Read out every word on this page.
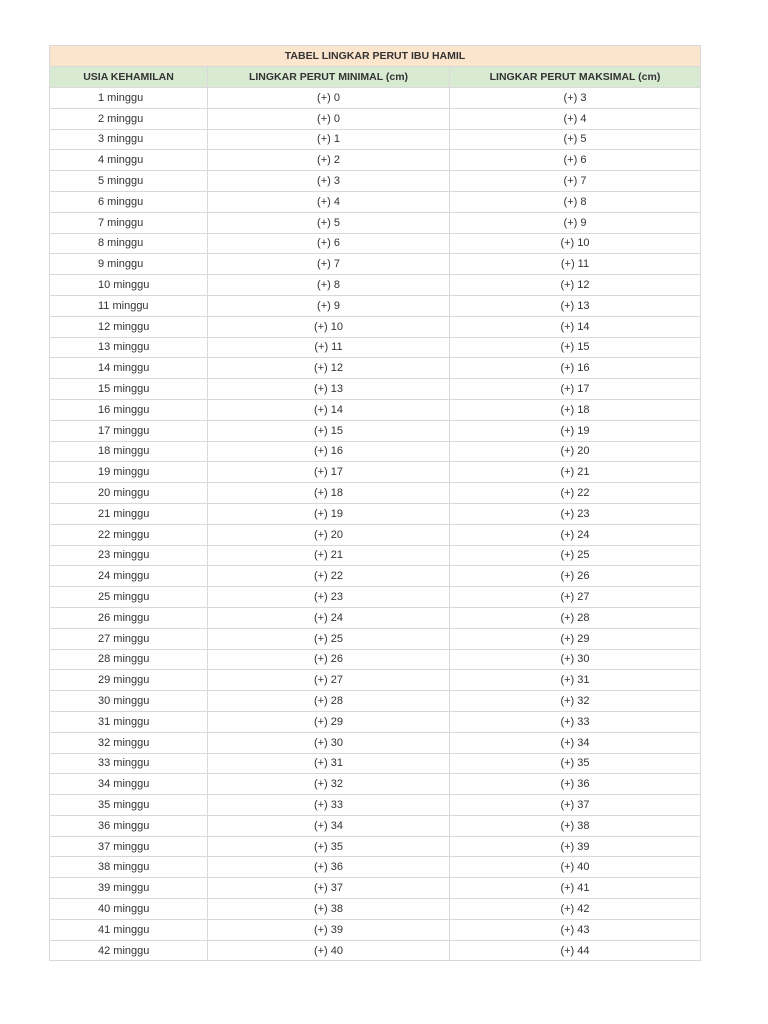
TABEL LINGKAR PERUT IBU HAMIL		
USIA KEHAMILAN	LINGKAR PERUT MINIMAL (cm)	LINGKAR PERUT MAKSIMAL (cm)
1 minggu	(+) 0	(+) 3
2 minggu	(+) 0	(+) 4
3 minggu	(+) 1	(+) 5
4 minggu	(+) 2	(+) 6
5 minggu	(+) 3	(+) 7
6 minggu	(+) 4	(+) 8
7 minggu	(+) 5	(+) 9
8 minggu	(+) 6	(+) 10
9 minggu	(+) 7	(+) 11
10 minggu	(+) 8	(+) 12
11 minggu	(+) 9	(+) 13
12 minggu	(+) 10	(+) 14
13 minggu	(+) 11	(+) 15
14 minggu	(+) 12	(+) 16
15 minggu	(+) 13	(+) 17
16 minggu	(+) 14	(+) 18
17 minggu	(+) 15	(+) 19
18 minggu	(+) 16	(+) 20
19 minggu	(+) 17	(+) 21
20 minggu	(+) 18	(+) 22
21 minggu	(+) 19	(+) 23
22 minggu	(+) 20	(+) 24
23 minggu	(+) 21	(+) 25
24 minggu	(+) 22	(+) 26
25 minggu	(+) 23	(+) 27
26 minggu	(+) 24	(+) 28
27 minggu	(+) 25	(+) 29
28 minggu	(+) 26	(+) 30
29 minggu	(+) 27	(+) 31
30 minggu	(+) 28	(+) 32
31 minggu	(+) 29	(+) 33
32 minggu	(+) 30	(+) 34
33 minggu	(+) 31	(+) 35
34 minggu	(+) 32	(+) 36
35 minggu	(+) 33	(+) 37
36 minggu	(+) 34	(+) 38
37 minggu	(+) 35	(+) 39
38 minggu	(+) 36	(+) 40
39 minggu	(+) 37	(+) 41
40 minggu	(+) 38	(+) 42
41 minggu	(+) 39	(+) 43
42 minggu	(+) 40	(+) 44
